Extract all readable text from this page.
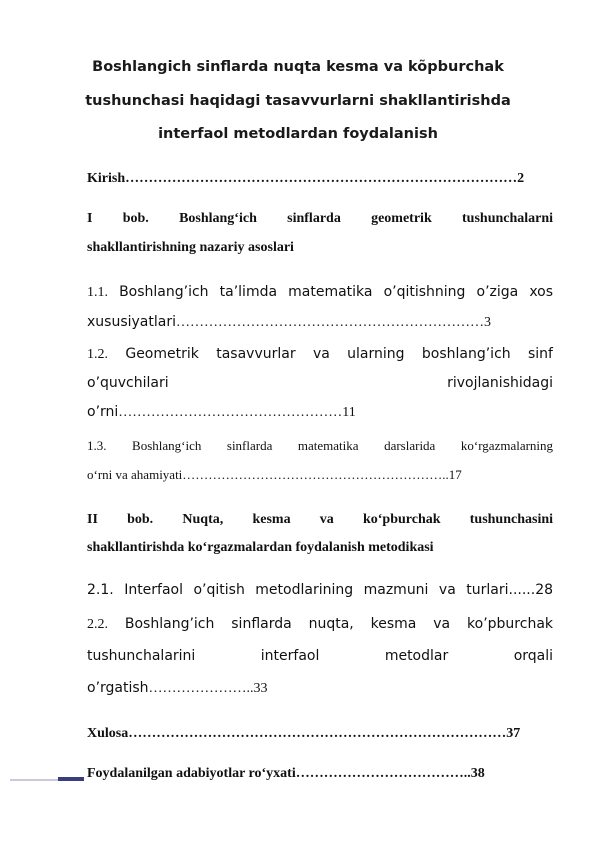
Boshlangich sinflarda nuqta kesma va kõpburchak
tushunchasi haqidagi tasavvurlarni shakllantirishda
interfaol metodlardan foydalanish
Kirish…………………………………………………………………………2
I bob. Boshlang‘ich sinflarda geometrik tushunchalarni
shakllantirishning nazariy asoslari
1.1. Boshlang’ich ta’limda matematika o’qitishning o’ziga xos
xususiyatlari…………………………………………………………3
1.2. Geometrik tasavvurlar va ularning boshlang’ich sinf
o’quvchilari	rivojlanishidagi
o’rni…………………………………………11
1.3. Boshlang‘ich sinflarda matematika darslarida ko‘rgazmalarning
o‘rni va ahamiyati……………………………………………………..17
II bob. Nuqta, kesma va ko‘pburchak tushunchasini
shakllantirishda ko‘rgazmalardan foydalanish metodikasi
2.1. Interfaol o’qitish metodlarining mazmuni va turlari......28
2.2. Boshlang’ich sinflarda nuqta, kesma va ko’pburchak
tushunchalarini	interfaol	metodlar	orqali
o’rgatish…………………..33
Xulosa………………………………………………………………………37
Foydalanilgan adabiyotlar ro‘yxati………………………………..38
